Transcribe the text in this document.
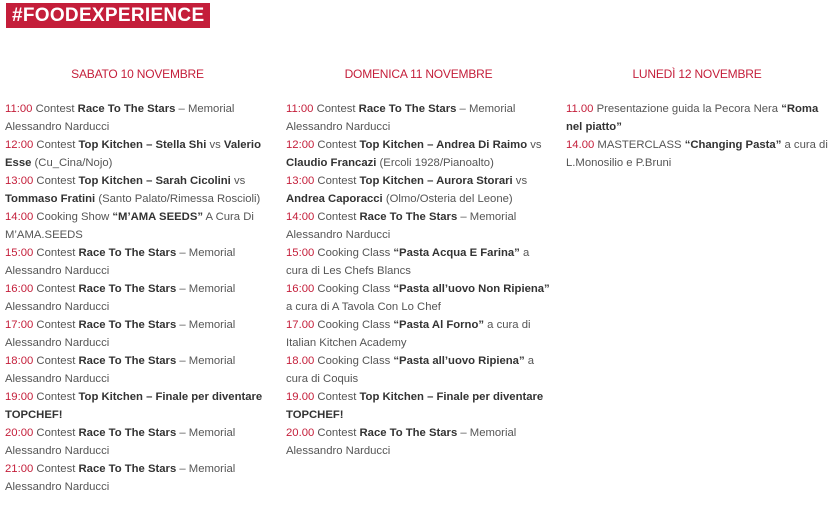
#FOODEXPERIENCE
SABATO 10 NOVEMBRE

11:00 Contest Race To The Stars – Memorial Alessandro Narducci

12:00 Contest Top Kitchen – Stella Shi vs Valerio Esse (Cu_Cina/Nojo)

13:00 Contest Top Kitchen – Sarah Cicolini vs Tommaso Fratini (Santo Palato/Rimessa Roscioli)

14:00 Cooking Show “M’AMA SEEDS” A Cura Di M’AMA.SEEDS

15:00 Contest Race To The Stars – Memorial Alessandro Narducci

16:00 Contest Race To The Stars – Memorial Alessandro Narducci

17:00 Contest Race To The Stars – Memorial Alessandro Narducci

18:00 Contest Race To The Stars – Memorial Alessandro Narducci

19:00 Contest Top Kitchen – Finale per diventare TOPCHEF!

20:00 Contest Race To The Stars – Memorial Alessandro Narducci

21:00 Contest Race To The Stars – Memorial Alessandro Narducci

DOMENICA 11 NOVEMBRE

11:00 Contest Race To The Stars – Memorial Alessandro Narducci

12:00 Contest Top Kitchen – Andrea Di Raimo vs Claudio Francazi (Ercoli 1928/Pianoalto)

13:00 Contest Top Kitchen – Aurora Storari vs Andrea Caporacci (Olmo/Osteria del Leone)

14:00 Contest Race To The Stars – Memorial Alessandro Narducci

15:00 Cooking Class “Pasta Acqua E Farina” a cura di Les Chefs Blancs

16:00 Cooking Class “Pasta all’uovo Non Ripiena” a cura di A Tavola Con Lo Chef

17.00 Cooking Class “Pasta Al Forno” a cura di Italian Kitchen Academy

18.00 Cooking Class “Pasta all’uovo Ripiena” a cura di Coquis

19.00 Contest Top Kitchen – Finale per diventare TOPCHEF!

20.00 Contest Race To The Stars – Memorial Alessandro Narducci

LUNEDÌ 12 NOVEMBRE

11.00 Presentazione guida la Pecora Nera “Roma nel piatto”

14.00 MASTERCLASS “Changing Pasta” a cura di L.Monosilio e P.Bruni
